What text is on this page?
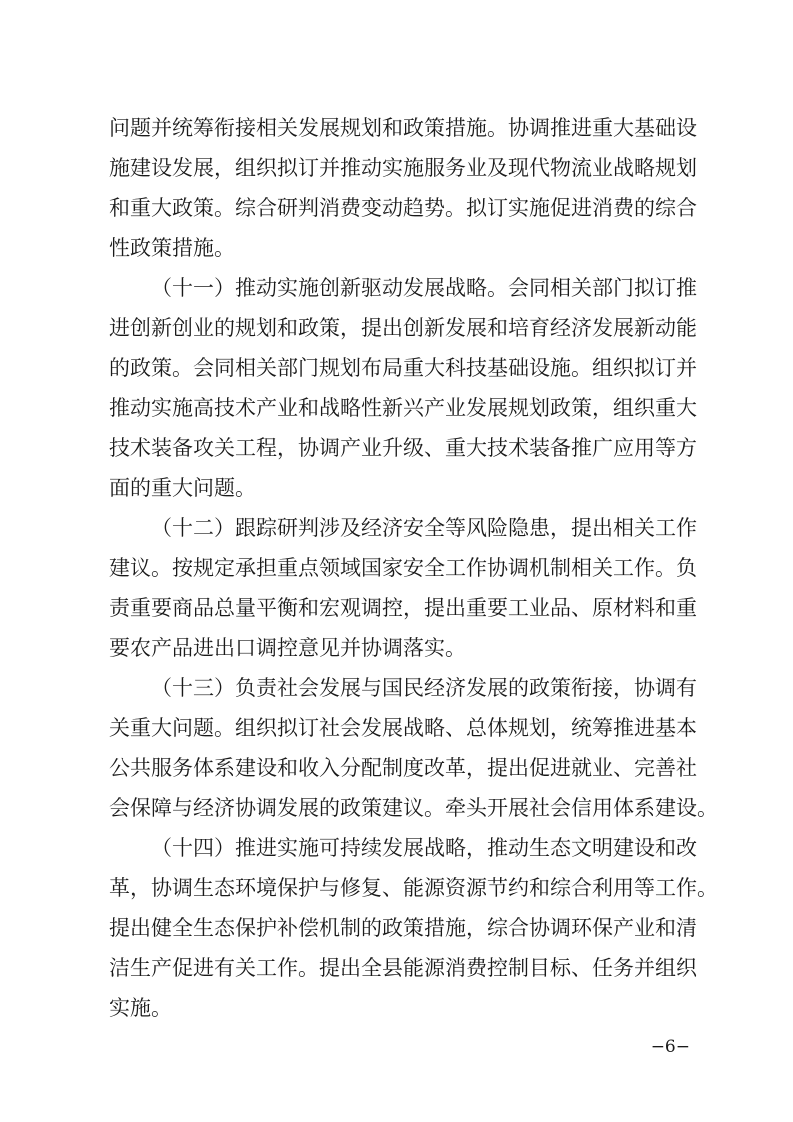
问题并统筹衔接相关发展规划和政策措施。协调推进重大基础设
施建设发展，组织拟订并推动实施服务业及现代物流业战略规划
和重大政策。综合研判消费变动趋势。拟订实施促进消费的综合
性政策措施。
（十一）推动实施创新驱动发展战略。会同相关部门拟订推
进创新创业的规划和政策，提出创新发展和培育经济发展新动能
的政策。会同相关部门规划布局重大科技基础设施。组织拟订并
推动实施高技术产业和战略性新兴产业发展规划政策，组织重大
技术装备攻关工程，协调产业升级、重大技术装备推广应用等方
面的重大问题。
（十二）跟踪研判涉及经济安全等风险隐患，提出相关工作
建议。按规定承担重点领域国家安全工作协调机制相关工作。负
责重要商品总量平衡和宏观调控，提出重要工业品、原材料和重
要农产品进出口调控意见并协调落实。
（十三）负责社会发展与国民经济发展的政策衔接，协调有
关重大问题。组织拟订社会发展战略、总体规划，统筹推进基本
公共服务体系建设和收入分配制度改革，提出促进就业、完善社
会保障与经济协调发展的政策建议。牵头开展社会信用体系建设。
（十四）推进实施可持续发展战略，推动生态文明建设和改
革，协调生态环境保护与修复、能源资源节约和综合利用等工作。
提出健全生态保护补偿机制的政策措施，综合协调环保产业和清
洁生产促进有关工作。提出全县能源消费控制目标、任务并组织
实施。
−6−
